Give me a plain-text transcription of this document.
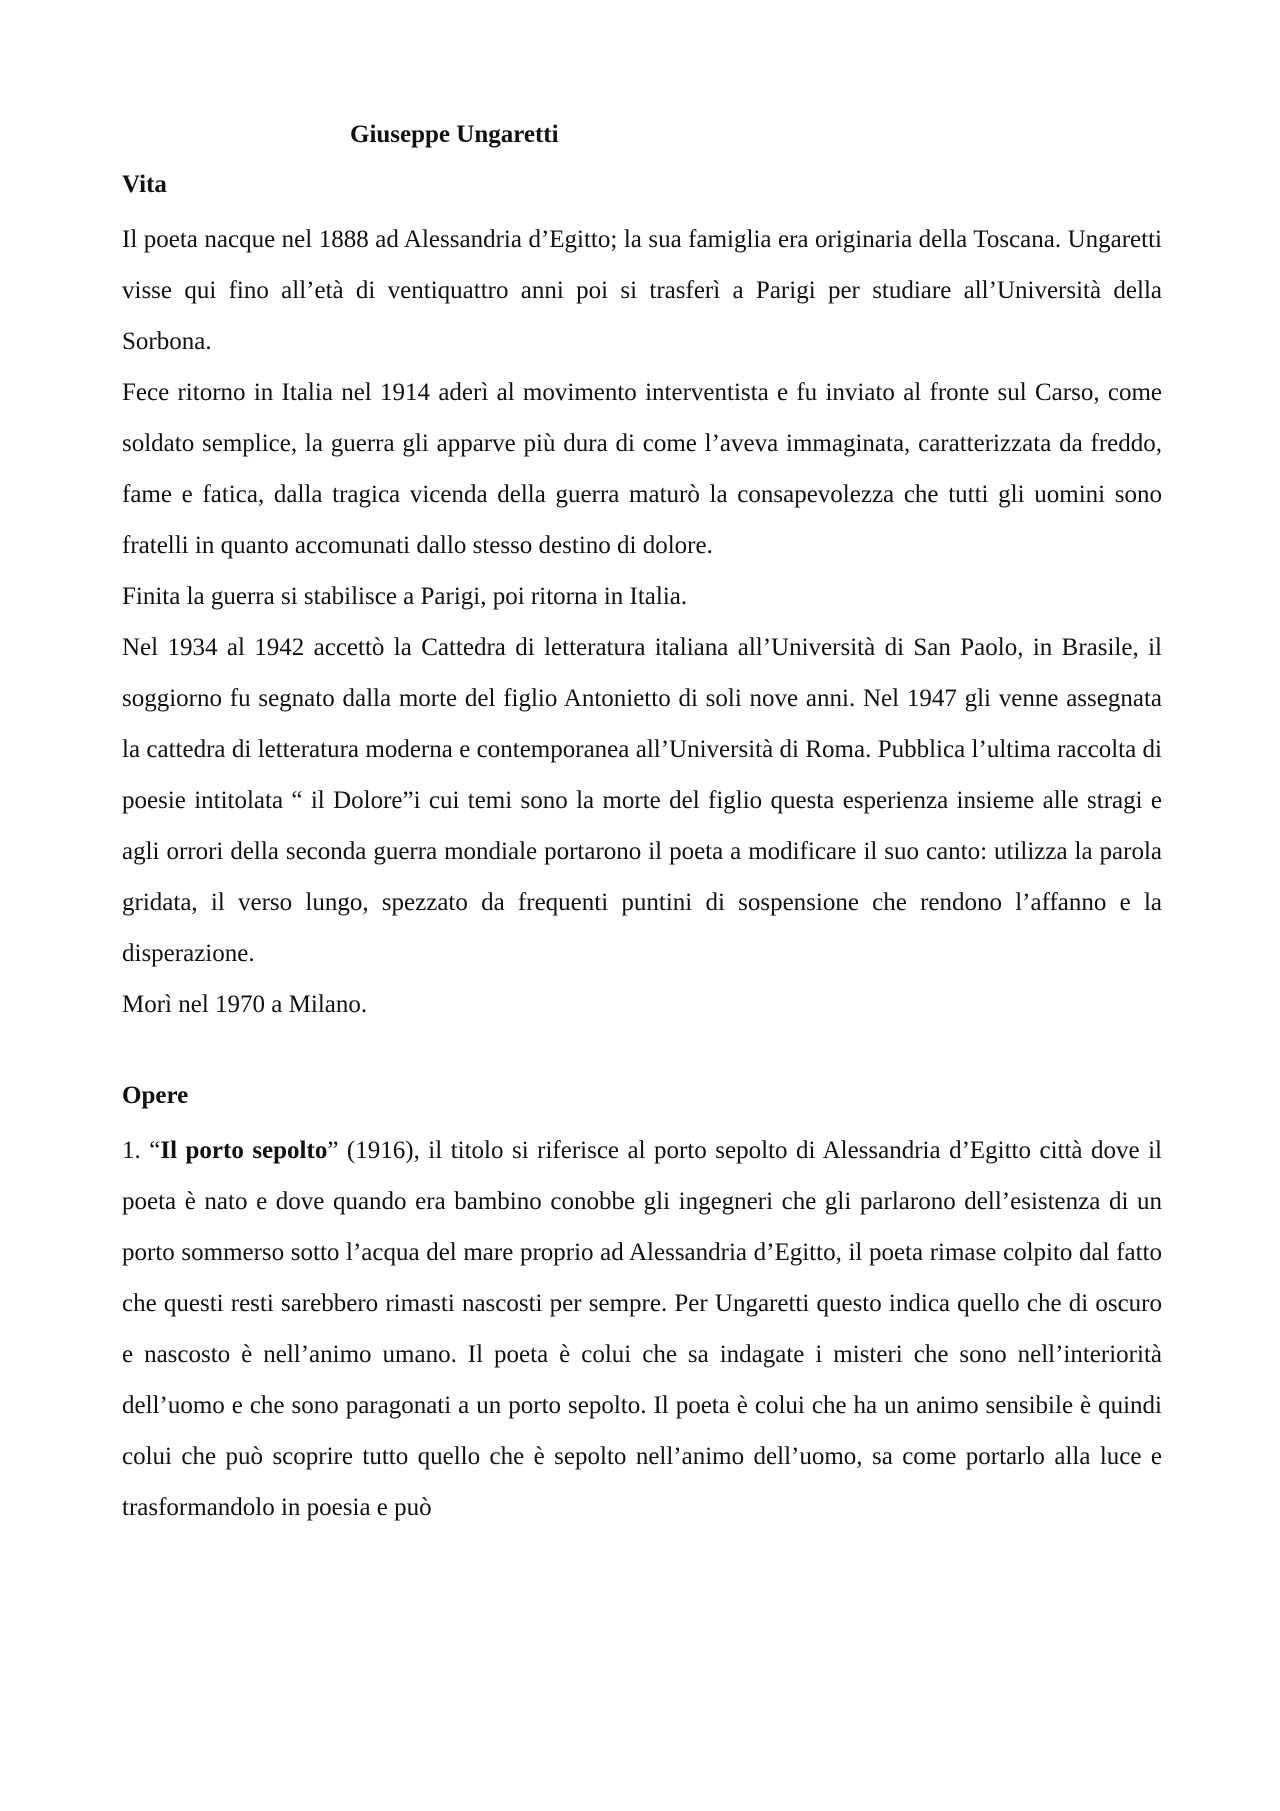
Giuseppe Ungaretti
Vita

Il poeta nacque nel 1888 ad Alessandria d’Egitto; la sua famiglia era originaria della Toscana. Ungaretti visse qui fino all’età di ventiquattro anni poi si trasferì a Parigi per studiare all’Università della Sorbona.

Fece ritorno in Italia nel 1914 aderì al movimento interventista e fu inviato al fronte sul Carso, come soldato semplice, la guerra gli apparve più dura di come l’aveva immaginata, caratterizzata da freddo, fame e fatica, dalla tragica vicenda della guerra maturò la consapevolezza che tutti gli uomini sono fratelli in quanto accomunati dallo stesso destino di dolore.

Finita la guerra si stabilisce a Parigi, poi ritorna in Italia.

Nel 1934 al 1942 accettò la Cattedra di letteratura italiana all’Università di San Paolo, in Brasile, il soggiorno fu segnato dalla morte del figlio Antonietto di soli nove anni. Nel 1947 gli venne assegnata la cattedra di letteratura moderna e contemporanea all’Università di Roma. Pubblica l’ultima raccolta di poesie intitolata “ il Dolore”i cui temi sono la morte del figlio questa esperienza insieme alle stragi e agli orrori della seconda guerra mondiale portarono il poeta a modificare il suo canto: utilizza la parola gridata, il verso lungo, spezzato da frequenti puntini di sospensione che rendono l’affanno e la disperazione.

Morì nel 1970 a Milano.

Opere

1. “Il porto sepolto” (1916), il titolo si riferisce al porto sepolto di Alessandria d’Egitto città dove il poeta è nato e dove quando era bambino conobbe gli ingegneri che gli parlarono dell’esistenza di un porto sommerso sotto l’acqua del mare proprio ad Alessandria d’Egitto, il poeta rimase colpito dal fatto che questi resti sarebbero rimasti nascosti per sempre. Per Ungaretti questo indica quello che di oscuro e nascosto è nell’animo umano. Il poeta è colui che sa indagate i misteri che sono nell’interiorità dell’uomo e che sono paragonati a un porto sepolto. Il poeta è colui che ha un animo sensibile è quindi colui che può scoprire tutto quello che è sepolto nell’animo dell’uomo, sa come portarlo alla luce e trasformandolo in poesia e può
